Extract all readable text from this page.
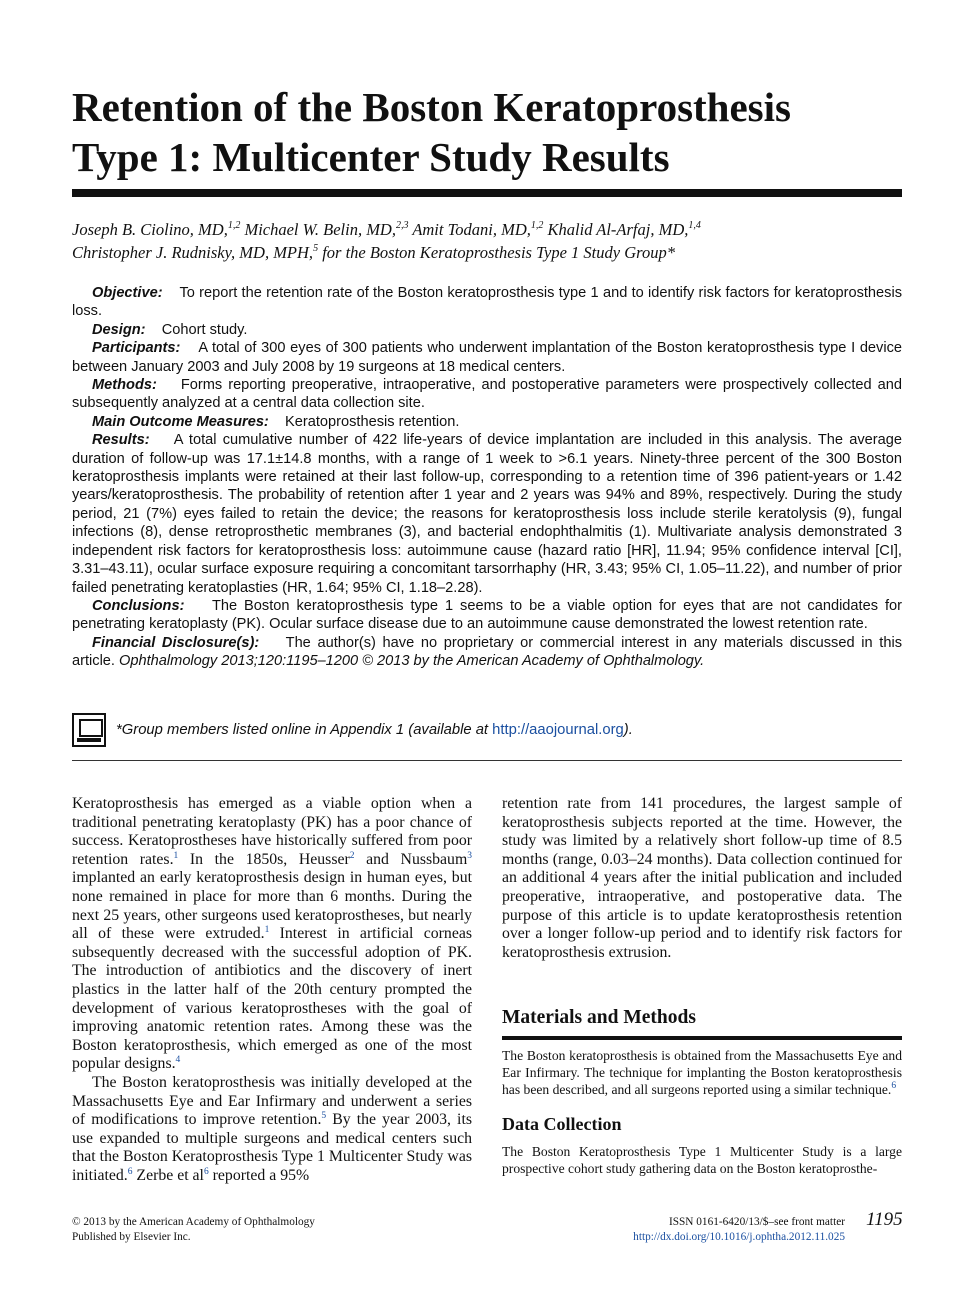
Retention of the Boston Keratoprosthesis
Type 1: Multicenter Study Results
Joseph B. Ciolino, MD,$^{1,2}$ Michael W. Belin, MD,$^{2,3}$ Amit Todani, MD,$^{1,2}$ Khalid Al-Arfaj, MD,$^{1,4}$
Christopher J. Rudnisky, MD, MPH,$^5$ for the Boston Keratoprosthesis Type 1 Study Group*

Objective: To report the retention rate of the Boston keratoprosthesis type 1 and to identify risk factors for keratoprosthesis loss.

Design: Cohort study.

Participants: A total of 300 eyes of 300 patients who underwent implantation of the Boston keratoprosthesis type I device between January 2003 and July 2008 by 19 surgeons at 18 medical centers.

Methods: Forms reporting preoperative, intraoperative, and postoperative parameters were prospectively collected and subsequently analyzed at a central data collection site.

Main Outcome Measures: Keratoprosthesis retention.

Results: A total cumulative number of 422 life-years of device implantation are included in this analysis. The average duration of follow-up was 17.1±14.8 months, with a range of 1 week to >6.1 years. Ninety-three percent of the 300 Boston keratoprosthesis implants were retained at their last follow-up, corresponding to a retention time of 396 patient-years or 1.42 years/keratoprosthesis. The probability of retention after 1 year and 2 years was 94% and 89%, respectively. During the study period, 21 (7%) eyes failed to retain the device; the reasons for keratoprosthesis loss include sterile keratolysis (9), fungal infections (8), dense retroprosthetic membranes (3), and bacterial endophthalmitis (1). Multivariate analysis demonstrated 3 independent risk factors for keratoprosthesis loss: autoimmune cause (hazard ratio [HR], 11.94; 95% confidence interval [CI], 3.31–43.11), ocular surface exposure requiring a concomitant tarsorrhaphy (HR, 3.43; 95% CI, 1.05–11.22), and number of prior failed penetrating keratoplasties (HR, 1.64; 95% CI, 1.18–2.28).

Conclusions: The Boston keratoprosthesis type 1 seems to be a viable option for eyes that are not candidates for penetrating keratoplasty (PK). Ocular surface disease due to an autoimmune cause demonstrated the lowest retention rate.

Financial Disclosure(s): The author(s) have no proprietary or commercial interest in any materials discussed in this article. Ophthalmology 2013;120:1195–1200 © 2013 by the American Academy of Ophthalmology.

*Group members listed online in Appendix 1 (available at http://aaojournal.org).

Keratoprosthesis has emerged as a viable option when a traditional penetrating keratoplasty (PK) has a poor chance of success. Keratoprostheses have historically suffered from poor retention rates.$^1$ In the 1850s, Heusser$^2$ and Nussbaum$^3$ implanted an early keratoprosthesis design in human eyes, but none remained in place for more than 6 months. During the next 25 years, other surgeons used keratoprostheses, but nearly all of these were extruded.$^1$ Interest in artificial corneas subsequently decreased with the successful adoption of PK. The introduction of antibiotics and the discovery of inert plastics in the latter half of the 20th century prompted the development of various keratoprostheses with the goal of improving anatomic retention rates. Among these was the Boston keratoprosthesis, which emerged as one of the most popular designs.$^4$

The Boston keratoprosthesis was initially developed at the Massachusetts Eye and Ear Infirmary and underwent a series of modifications to improve retention.$^5$ By the year 2003, its use expanded to multiple surgeons and medical centers such that the Boston Keratoprosthesis Type 1 Multicenter Study was initiated.$^6$ Zerbe et $al^6$ reported a 95%

retention rate from 141 procedures, the largest sample of keratoprosthesis subjects reported at the time. However, the study was limited by a relatively short follow-up time of 8.5 months (range, 0.03–24 months). Data collection continued for an additional 4 years after the initial publication and included preoperative, intraoperative, and postoperative data. The purpose of this article is to update keratoprosthesis retention over a longer follow-up period and to identify risk factors for keratoprosthesis extrusion.

Materials and Methods

The Boston keratoprosthesis is obtained from the Massachusetts Eye and Ear Infirmary. The technique for implanting the Boston keratoprosthesis has been described, and all surgeons reported using a similar technique.$^6$

Data Collection

The Boston Keratoprosthesis Type 1 Multicenter Study is a large prospective cohort study gathering data on the Boston keratoprosthe-

© 2013 by the American Academy of Ophthalmology
Published by Elsevier Inc.
ISSN 0161-6420/13/$–see front matter
http://dx.doi.org/10.1016/j.ophtha.2012.11.025
1195
